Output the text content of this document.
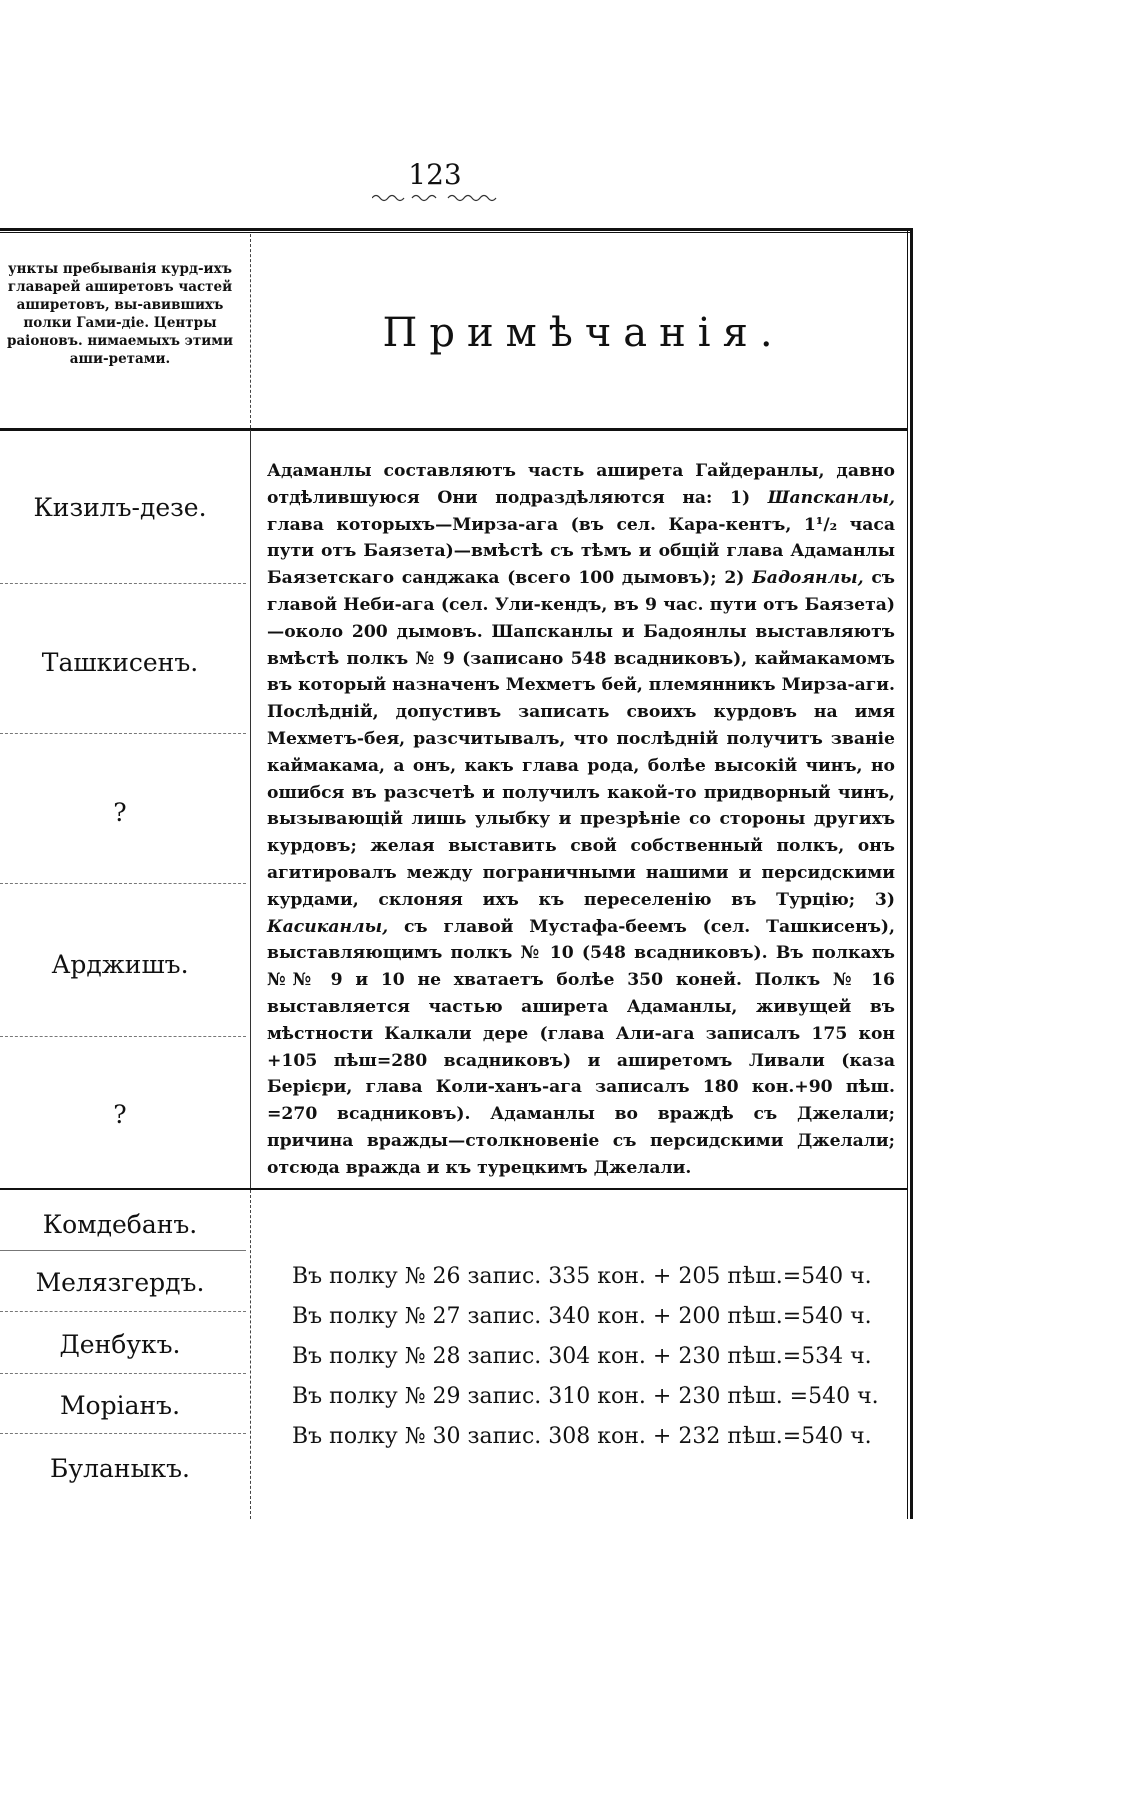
123
ункты пребыванія курд-ихъ главарей аширетовъ частей аширетовъ, вы-авившихъ полки Гами-діе. Центры раіоновъ. нимаемыхъ этими аши-ретами.
Примѣчанія.
Кизилъ-дезе.
Ташкисенъ.
?
Арджишъ.
?
Комдебанъ.
Мелязгердъ.
Денбукъ.
Моріанъ.
Буланыкъ.
Адаманлы составляютъ часть аширета Гайдеранлы, давно отдѣлившуюся Они подраздѣляются на: 1) Шапсканлы, глава которыхъ—Мирза-ага (въ сел. Кара-кентъ, 1¹/₂ часа пути отъ Баязета)—вмѣстѣ съ тѣмъ и общій глава Адаманлы Баязетскаго санджака (всего 100 дымовъ); 2) Бадоянлы, съ главой Неби-ага (сел. Ули-кендъ, въ 9 час. пути отъ Баязета)—около 200 дымовъ. Шапсканлы и Бадоянлы выставляютъ вмѣстѣ полкъ № 9 (записано 548 всадниковъ), каймакамомъ въ который назначенъ Мехметъ бей, племянникъ Мирза-аги. Послѣдній, допустивъ записать своихъ курдовъ на имя Мехметъ-бея, разсчитывалъ, что послѣдній получитъ званіе каймакама, а онъ, какъ глава рода, болѣе высокій чинъ, но ошибся въ разсчетѣ и получилъ какой-то придворный чинъ, вызывающій лишь улыбку и презрѣніе со стороны другихъ курдовъ; желая выставить свой собственный полкъ, онъ агитировалъ между пограничными нашими и персидскими курдами, склоняя ихъ къ переселенію въ Турцію; 3) Касиканлы, съ главой Мустафа-беемъ (сел. Ташкисенъ), выставляющимъ полкъ № 10 (548 всадниковъ). Въ полкахъ №№ 9 и 10 не хватаетъ болѣе 350 коней. Полкъ № 16 выставляется частью аширета Адаманлы, живущей въ мѣстности Калкали дере (глава Али-ага записалъ 175 кон +105 пѣш=280 всадниковъ) и аширетомъ Ливали (каза Берієри, глава Коли-ханъ-ага записалъ 180 кон.+90 пѣш. =270 всадниковъ). Адаманлы во враждѣ съ Джелали; причина вражды—столкновеніе съ персидскими Джелали; отсюда вражда и къ турецкимъ Джелали.
Въ полку № 26 запис. 335 кон. + 205 пѣш.=540 ч.
Въ полку № 27 запис. 340 кон. + 200 пѣш.=540 ч.
Въ полку № 28 запис. 304 кон. + 230 пѣш.=534 ч.
Въ полку № 29 запис. 310 кон. + 230 пѣш. =540 ч.
Въ полку № 30 запис. 308 кон. + 232 пѣш.=540 ч.
